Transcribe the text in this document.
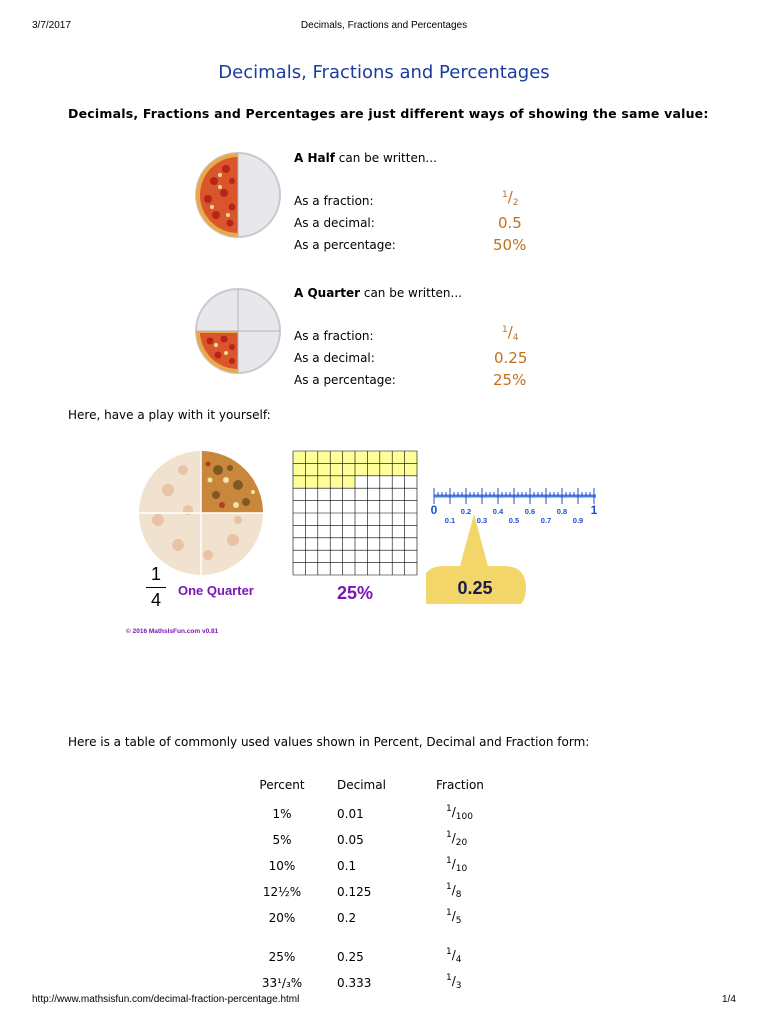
3/7/2017	Decimals, Fractions and Percentages
Decimals, Fractions and Percentages
Decimals, Fractions and Percentages are just different ways of showing the same value:
A Half can be written...
As a fraction:	$^1/_2$
As a decimal:	0.5
As a percentage:	50%
A Quarter can be written...
As a fraction:	$^1/_4$
As a decimal:	0.25
As a percentage:	25%
Here, have a play with it yourself:
1
4	One Quarter
© 2016 MathsIsFun.com v0.81
25%
0	1
0.2	0.4	0.6	0.8
0.1	0.3	0.5	0.7	0.9
0.25
Here is a table of commonly used values shown in Percent, Decimal and Fraction form:
Percent	Decimal	Fraction
1%	0.01	$^1/_{100}$
5%	0.05	$^1/_{20}$
10%	0.1	$^1/_{10}$
12½%	0.125	$^1/_8$
20%	0.2	$^1/_5$
25%	0.25	$^1/_4$
33¹/₃%	0.333	$^1/_3$
http://www.mathsisfun.com/decimal-fraction-percentage.html	1/4
